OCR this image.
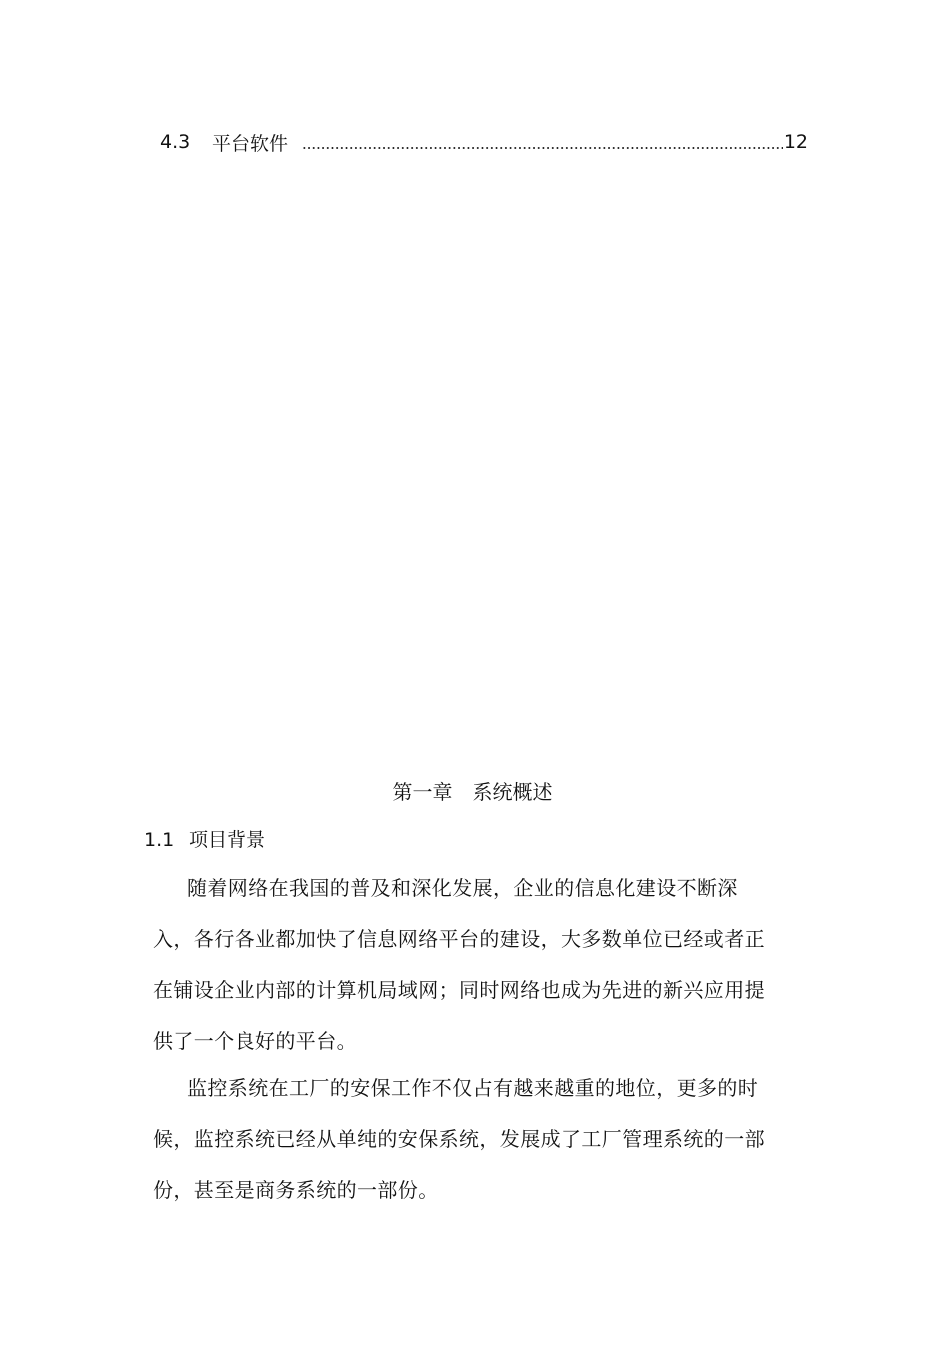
4.3	平台软件	12
第一章　系统概述
1.1 项目背景

随着网络在我国的普及和深化发展，企业的信息化建设不断深入，各行各业都加快了信息网络平台的建设，大多数单位已经或者正在铺设企业内部的计算机局域网；同时网络也成为先进的新兴应用提供了一个良好的平台。

监控系统在工厂的安保工作不仅占有越来越重的地位，更多的时候，监控系统已经从单纯的安保系统，发展成了工厂管理系统的一部份，甚至是商务系统的一部份。
